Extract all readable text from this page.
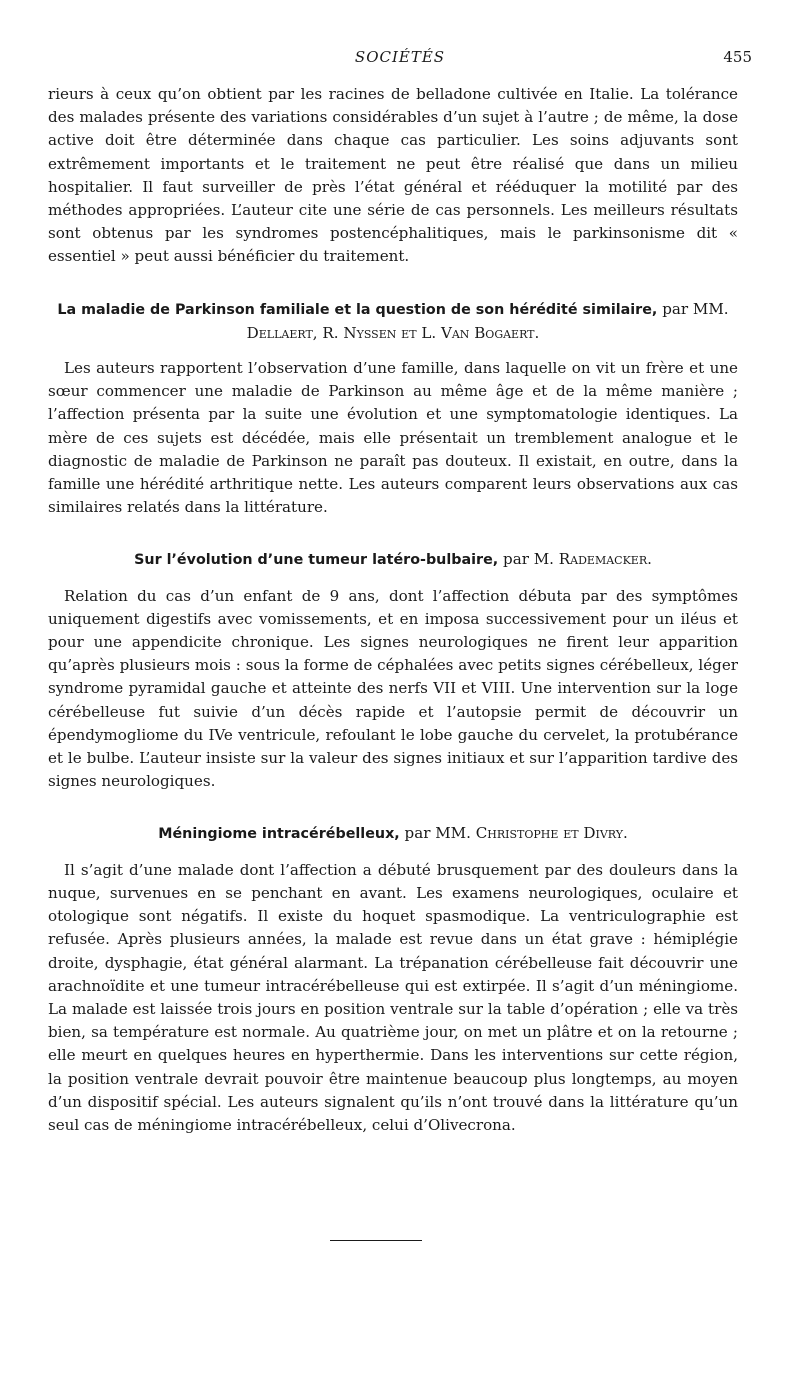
SOCIÉTÉS	455

rieurs à ceux qu’on obtient par les racines de belladone cultivée en Italie. La tolérance des malades présente des variations considérables d’un sujet à l’autre ; de même, la dose active doit être déterminée dans chaque cas particulier. Les soins adjuvants sont extrêmement importants et le traitement ne peut être réalisé que dans un milieu hospitalier. Il faut surveiller de près l’état général et rééduquer la motilité par des méthodes appropriées. L’auteur cite une série de cas personnels. Les meilleurs résultats sont obtenus par les syndromes postencéphalitiques, mais le parkinsonisme dit « essentiel » peut aussi bénéficier du traitement.

La maladie de Parkinson familiale et la question de son hérédité similaire, par MM. Dellaert, R. Nyssen et L. Van Bogaert.

Les auteurs rapportent l’observation d’une famille, dans laquelle on vit un frère et une sœur commencer une maladie de Parkinson au même âge et de la même manière ; l’affection présenta par la suite une évolution et une symptomatologie identiques. La mère de ces sujets est décédée, mais elle présentait un tremblement analogue et le diagnostic de maladie de Parkinson ne paraît pas douteux. Il existait, en outre, dans la famille une hérédité arthritique nette. Les auteurs comparent leurs observations aux cas similaires relatés dans la littérature.

Sur l’évolution d’une tumeur latéro-bulbaire, par M. Rademacker.

Relation du cas d’un enfant de 9 ans, dont l’affection débuta par des symptômes uniquement digestifs avec vomissements, et en imposa successivement pour un iléus et pour une appendicite chronique. Les signes neurologiques ne firent leur apparition qu’après plusieurs mois : sous la forme de céphalées avec petits signes cérébelleux, léger syndrome pyramidal gauche et atteinte des nerfs VII et VIII. Une intervention sur la loge cérébelleuse fut suivie d’un décès rapide et l’autopsie permit de découvrir un épendymogliome du IVe ventricule, refoulant le lobe gauche du cervelet, la protubérance et le bulbe. L’auteur insiste sur la valeur des signes initiaux et sur l’apparition tardive des signes neurologiques.

Méningiome intracérébelleux, par MM. Christophe et Divry.

Il s’agit d’une malade dont l’affection a débuté brusquement par des douleurs dans la nuque, survenues en se penchant en avant. Les examens neurologiques, oculaire et otologique sont négatifs. Il existe du hoquet spasmodique. La ventriculographie est refusée. Après plusieurs années, la malade est revue dans un état grave : hémiplégie droite, dysphagie, état général alarmant. La trépanation cérébelleuse fait découvrir une arachnoïdite et une tumeur intracérébelleuse qui est extirpée. Il s’agit d’un méningiome. La malade est laissée trois jours en position ventrale sur la table d’opération ; elle va très bien, sa température est normale. Au quatrième jour, on met un plâtre et on la retourne ; elle meurt en quelques heures en hyperthermie. Dans les interventions sur cette région, la position ventrale devrait pouvoir être maintenue beaucoup plus longtemps, au moyen d’un dispositif spécial. Les auteurs signalent qu’ils n’ont trouvé dans la littérature qu’un seul cas de méningiome intracérébelleux, celui d’Olivecrona.
